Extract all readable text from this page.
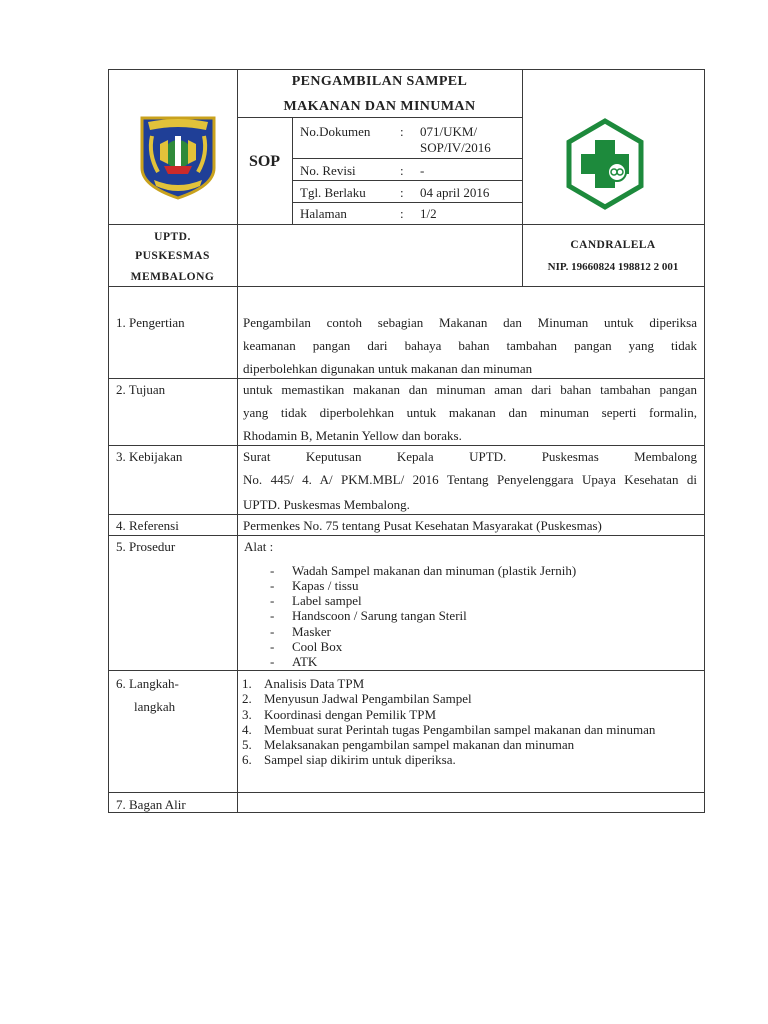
PENGAMBILAN SAMPEL
MAKANAN DAN MINUMAN
SOP
No.Dokumen : 071/UKM/
SOP/IV/2016
No. Revisi	: -
Tgl. Berlaku	: 04 april 2016
Halaman	: 1/2
UPTD.
PUSKESMAS
MEMBALONG
CANDRALELA
NIP. 19660824 198812 2 001
1. Pengertian	Pengambilan contoh sebagian Makanan dan Minuman untuk diperiksa
keamanan pangan dari bahaya bahan tambahan pangan yang tidak
diperbolehkan digunakan untuk makanan dan minuman
2. Tujuan	untuk memastikan makanan dan minuman aman dari bahan tambahan pangan
yang tidak diperbolehkan untuk makanan dan minuman seperti formalin,
Rhodamin B, Metanin Yellow dan boraks.
3. Kebijakan	Surat Keputusan Kepala UPTD. Puskesmas Membalong
No. 445/ 4. A/ PKM.MBL/ 2016 Tentang Penyelenggara Upaya Kesehatan di
UPTD. Puskesmas Membalong.
4. Referensi	Permenkes No. 75 tentang Pusat Kesehatan Masyarakat (Puskesmas)
5. Prosedur	Alat :
- Wadah Sampel makanan dan minuman (plastik Jernih)
- Kapas / tissu
- Label sampel
- Handscoon / Sarung tangan Steril
- Masker
- Cool Box
- ATK
6. Langkah-
langkah
1. Analisis Data TPM
2. Menyusun Jadwal Pengambilan Sampel
3. Koordinasi dengan Pemilik TPM
4. Membuat surat Perintah tugas Pengambilan sampel makanan dan minuman
5. Melaksanakan pengambilan sampel makanan dan minuman
6. Sampel siap dikirim untuk diperiksa.
7. Bagan Alir
